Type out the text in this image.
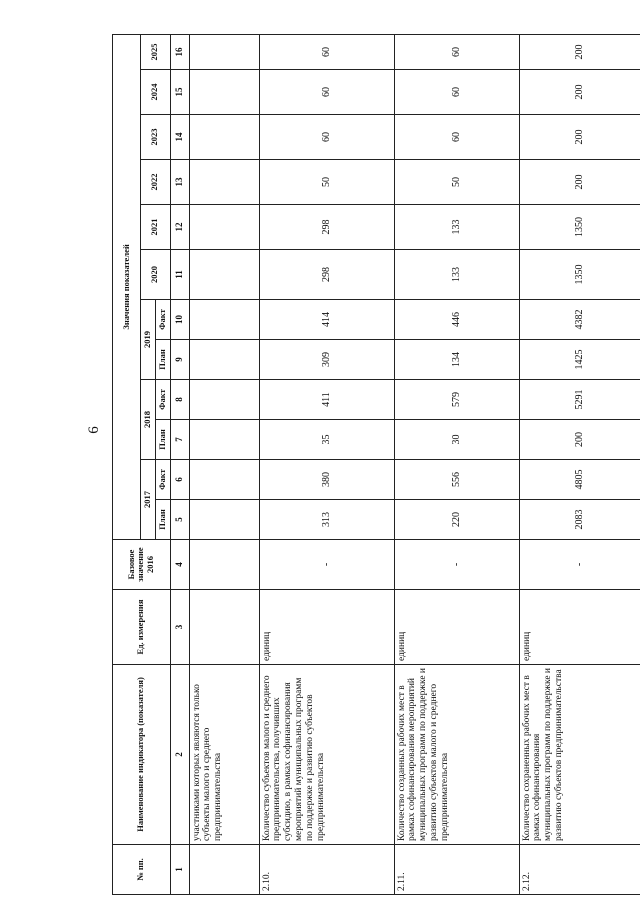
6
№ пп.	Наименование индикатора (показателя)	Ед. измерения	Базовое значение 2016	Значения показателей											
				2017		2018		2019		2020	2021	2022	2023	2024	2025
				План	Факт	План	Факт	План	Факт						
1	2	3	4	5	6	7	8	9	10	11	12	13	14	15	16
	участниками которых являются только субъекты малого и среднего предпринимательства														
2.10.	Количество субъектов малого и среднего предпринимательства, получивших субсидию, в рамках софинансирования мероприятий муниципальных программ по поддержке и развитию субъектов предпринимательства	единиц	-	313	380	35	411	309	414	298	298	50	60	60	60
2.11.	Количество созданных рабочих мест в рамках софинансирования мероприятий муниципальных программ по поддержке и развитию субъектов малого и среднего предпринимательства	единиц	-	220	556	30	579	134	446	133	133	50	60	60	60
2.12.	Количество сохраненных рабочих мест в рамках софинансирования муниципальных программ по поддержке и развитию субъектов предпринимательства	единиц	-	2083	4805	200	5291	1425	4382	1350	1350	200	200	200	200
